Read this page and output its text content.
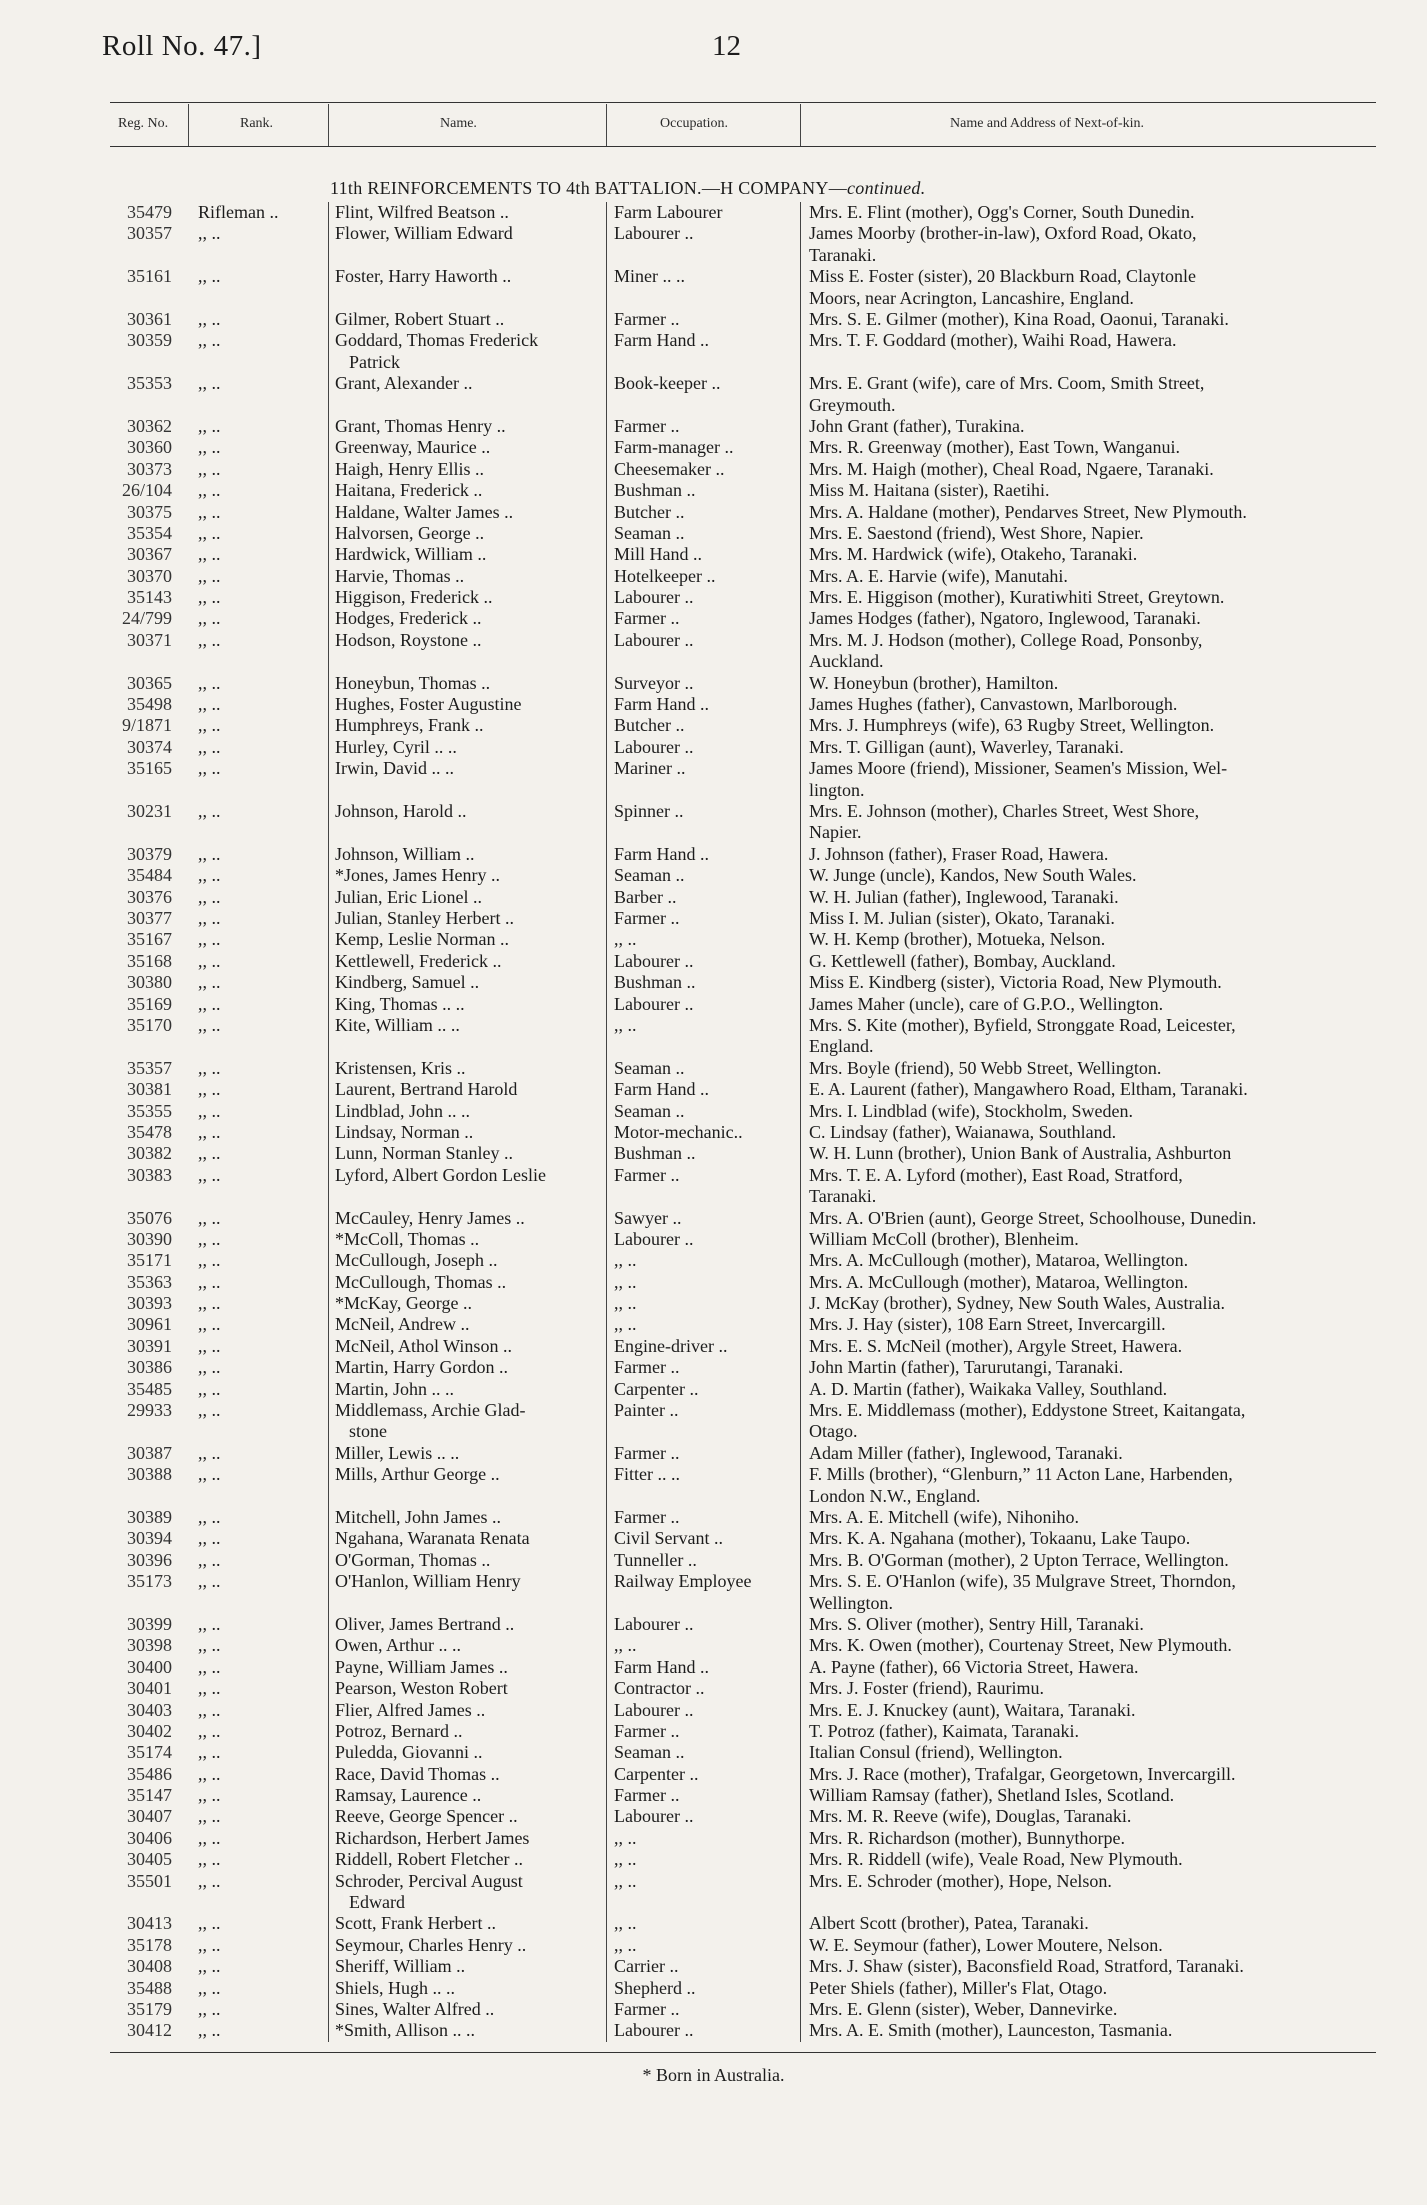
Roll No. 47.]	12
Reg. No.	Rank.	Name.	Occupation.	Name and Address of Next-of-kin.
11th REINFORCEMENTS TO 4th BATTALION.—H COMPANY—continued.
35479 Rifleman ..	Flint, Wilfred Beatson ..	Farm Labourer	Mrs. E. Flint (mother), Ogg's Corner, South Dunedin.
30357 ,, ..	Flower, William Edward	Labourer ..	James Moorby (brother-in-law), Oxford Road, Okato,
Taranaki.
35161 ,, ..	Foster, Harry Haworth ..	Miner .. ..	Miss E. Foster (sister), 20 Blackburn Road, Claytonle
Moors, near Acrington, Lancashire, England.
30361 ,, ..	Gilmer, Robert Stuart ..	Farmer ..	Mrs. S. E. Gilmer (mother), Kina Road, Oaonui, Taranaki.
30359 ,, ..	Goddard, Thomas Frederick
Patrick
Farm Hand ..	Mrs. T. F. Goddard (mother), Waihi Road, Hawera.
35353 ,, ..	Grant, Alexander ..	Book-keeper ..	Mrs. E. Grant (wife), care of Mrs. Coom, Smith Street,
Greymouth.
30362 ,, ..	Grant, Thomas Henry ..	Farmer ..	John Grant (father), Turakina.
30360 ,, ..	Greenway, Maurice ..	Farm-manager ..	Mrs. R. Greenway (mother), East Town, Wanganui.
30373 ,, ..	Haigh, Henry Ellis ..	Cheesemaker ..	Mrs. M. Haigh (mother), Cheal Road, Ngaere, Taranaki.
26/104 ,, ..	Haitana, Frederick ..	Bushman ..	Miss M. Haitana (sister), Raetihi.
30375 ,, ..	Haldane, Walter James ..	Butcher ..	Mrs. A. Haldane (mother), Pendarves Street, New Plymouth.
35354 ,, ..	Halvorsen, George ..	Seaman ..	Mrs. E. Saestond (friend), West Shore, Napier.
30367 ,, ..	Hardwick, William ..	Mill Hand ..	Mrs. M. Hardwick (wife), Otakeho, Taranaki.
30370 ,, ..	Harvie, Thomas ..	Hotelkeeper ..	Mrs. A. E. Harvie (wife), Manutahi.
35143 ,, ..	Higgison, Frederick ..	Labourer ..	Mrs. E. Higgison (mother), Kuratiwhiti Street, Greytown.
24/799 ,, ..	Hodges, Frederick ..	Farmer ..	James Hodges (father), Ngatoro, Inglewood, Taranaki.
30371 ,, ..	Hodson, Roystone ..	Labourer ..	Mrs. M. J. Hodson (mother), College Road, Ponsonby,
Auckland.
30365 ,, ..	Honeybun, Thomas ..	Surveyor ..	W. Honeybun (brother), Hamilton.
35498 ,, ..	Hughes, Foster Augustine	Farm Hand ..	James Hughes (father), Canvastown, Marlborough.
9/1871 ,, ..	Humphreys, Frank ..	Butcher ..	Mrs. J. Humphreys (wife), 63 Rugby Street, Wellington.
30374 ,, ..	Hurley, Cyril .. ..	Labourer ..	Mrs. T. Gilligan (aunt), Waverley, Taranaki.
35165 ,, ..	Irwin, David .. ..	Mariner ..	James Moore (friend), Missioner, Seamen's Mission, Wel-
lington.
30231 ,, ..	Johnson, Harold ..	Spinner ..	Mrs. E. Johnson (mother), Charles Street, West Shore,
Napier.
30379 ,, ..	Johnson, William ..	Farm Hand ..	J. Johnson (father), Fraser Road, Hawera.
35484 ,, ..	*Jones, James Henry ..	Seaman ..	W. Junge (uncle), Kandos, New South Wales.
30376 ,, ..	Julian, Eric Lionel ..	Barber ..	W. H. Julian (father), Inglewood, Taranaki.
30377 ,, ..	Julian, Stanley Herbert ..	Farmer ..	Miss I. M. Julian (sister), Okato, Taranaki.
35167 ,, ..	Kemp, Leslie Norman ..	,, ..	W. H. Kemp (brother), Motueka, Nelson.
35168 ,, ..	Kettlewell, Frederick ..	Labourer ..	G. Kettlewell (father), Bombay, Auckland.
30380 ,, ..	Kindberg, Samuel ..	Bushman ..	Miss E. Kindberg (sister), Victoria Road, New Plymouth.
35169 ,, ..	King, Thomas .. ..	Labourer ..	James Maher (uncle), care of G.P.O., Wellington.
35170 ,, ..	Kite, William .. ..	,, ..	Mrs. S. Kite (mother), Byfield, Stronggate Road, Leicester,
England.
35357 ,, ..	Kristensen, Kris ..	Seaman ..	Mrs. Boyle (friend), 50 Webb Street, Wellington.
30381 ,, ..	Laurent, Bertrand Harold	Farm Hand ..	E. A. Laurent (father), Mangawhero Road, Eltham, Taranaki.
35355 ,, ..	Lindblad, John .. ..	Seaman ..	Mrs. I. Lindblad (wife), Stockholm, Sweden.
35478 ,, ..	Lindsay, Norman ..	Motor-mechanic..	C. Lindsay (father), Waianawa, Southland.
30382 ,, ..	Lunn, Norman Stanley ..	Bushman ..	W. H. Lunn (brother), Union Bank of Australia, Ashburton
30383 ,, ..	Lyford, Albert Gordon Leslie	Farmer ..	Mrs. T. E. A. Lyford (mother), East Road, Stratford,
Taranaki.
35076 ,, ..	McCauley, Henry James ..	Sawyer ..	Mrs. A. O'Brien (aunt), George Street, Schoolhouse, Dunedin.
30390 ,, ..	*McColl, Thomas ..	Labourer ..	William McColl (brother), Blenheim.
35171 ,, ..	McCullough, Joseph ..	,, ..	Mrs. A. McCullough (mother), Mataroa, Wellington.
35363 ,, ..	McCullough, Thomas ..	,, ..	Mrs. A. McCullough (mother), Mataroa, Wellington.
30393 ,, ..	*McKay, George ..	,, ..	J. McKay (brother), Sydney, New South Wales, Australia.
30961 ,, ..	McNeil, Andrew ..	,, ..	Mrs. J. Hay (sister), 108 Earn Street, Invercargill.
30391 ,, ..	McNeil, Athol Winson ..	Engine-driver ..	Mrs. E. S. McNeil (mother), Argyle Street, Hawera.
30386 ,, ..	Martin, Harry Gordon ..	Farmer ..	John Martin (father), Tarurutangi, Taranaki.
35485 ,, ..	Martin, John .. ..	Carpenter ..	A. D. Martin (father), Waikaka Valley, Southland.
29933 ,, ..	Middlemass, Archie Glad-
stone
Painter ..	Mrs. E. Middlemass (mother), Eddystone Street, Kaitangata,
Otago.
30387 ,, ..	Miller, Lewis .. ..	Farmer ..	Adam Miller (father), Inglewood, Taranaki.
30388 ,, ..	Mills, Arthur George ..	Fitter .. ..	F. Mills (brother), “Glenburn,” 11 Acton Lane, Harbenden,
London N.W., England.
30389 ,, ..	Mitchell, John James ..	Farmer ..	Mrs. A. E. Mitchell (wife), Nihoniho.
30394 ,, ..	Ngahana, Waranata Renata	Civil Servant ..	Mrs. K. A. Ngahana (mother), Tokaanu, Lake Taupo.
30396 ,, ..	O'Gorman, Thomas ..	Tunneller ..	Mrs. B. O'Gorman (mother), 2 Upton Terrace, Wellington.
35173 ,, ..	O'Hanlon, William Henry	Railway Employee	Mrs. S. E. O'Hanlon (wife), 35 Mulgrave Street, Thorndon,
Wellington.
30399 ,, ..	Oliver, James Bertrand ..	Labourer ..	Mrs. S. Oliver (mother), Sentry Hill, Taranaki.
30398 ,, ..	Owen, Arthur .. ..	,, ..	Mrs. K. Owen (mother), Courtenay Street, New Plymouth.
30400 ,, ..	Payne, William James ..	Farm Hand ..	A. Payne (father), 66 Victoria Street, Hawera.
30401 ,, ..	Pearson, Weston Robert	Contractor ..	Mrs. J. Foster (friend), Raurimu.
30403 ,, ..	Flier, Alfred James ..	Labourer ..	Mrs. E. J. Knuckey (aunt), Waitara, Taranaki.
30402 ,, ..	Potroz, Bernard ..	Farmer ..	T. Potroz (father), Kaimata, Taranaki.
35174 ,, ..	Puledda, Giovanni ..	Seaman ..	Italian Consul (friend), Wellington.
35486 ,, ..	Race, David Thomas ..	Carpenter ..	Mrs. J. Race (mother), Trafalgar, Georgetown, Invercargill.
35147 ,, ..	Ramsay, Laurence ..	Farmer ..	William Ramsay (father), Shetland Isles, Scotland.
30407 ,, ..	Reeve, George Spencer ..	Labourer ..	Mrs. M. R. Reeve (wife), Douglas, Taranaki.
30406 ,, ..	Richardson, Herbert James	,, ..	Mrs. R. Richardson (mother), Bunnythorpe.
30405 ,, ..	Riddell, Robert Fletcher ..	,, ..	Mrs. R. Riddell (wife), Veale Road, New Plymouth.
35501 ,, ..	Schroder, Percival August
Edward
,, ..	Mrs. E. Schroder (mother), Hope, Nelson.
30413 ,, ..	Scott, Frank Herbert ..	,, ..	Albert Scott (brother), Patea, Taranaki.
35178 ,, ..	Seymour, Charles Henry ..	,, ..	W. E. Seymour (father), Lower Moutere, Nelson.
30408 ,, ..	Sheriff, William ..	Carrier ..	Mrs. J. Shaw (sister), Baconsfield Road, Stratford, Taranaki.
35488 ,, ..	Shiels, Hugh .. ..	Shepherd ..	Peter Shiels (father), Miller's Flat, Otago.
35179 ,, ..	Sines, Walter Alfred ..	Farmer ..	Mrs. E. Glenn (sister), Weber, Dannevirke.
30412 ,, ..	*Smith, Allison .. ..	Labourer ..	Mrs. A. E. Smith (mother), Launceston, Tasmania.
* Born in Australia.
